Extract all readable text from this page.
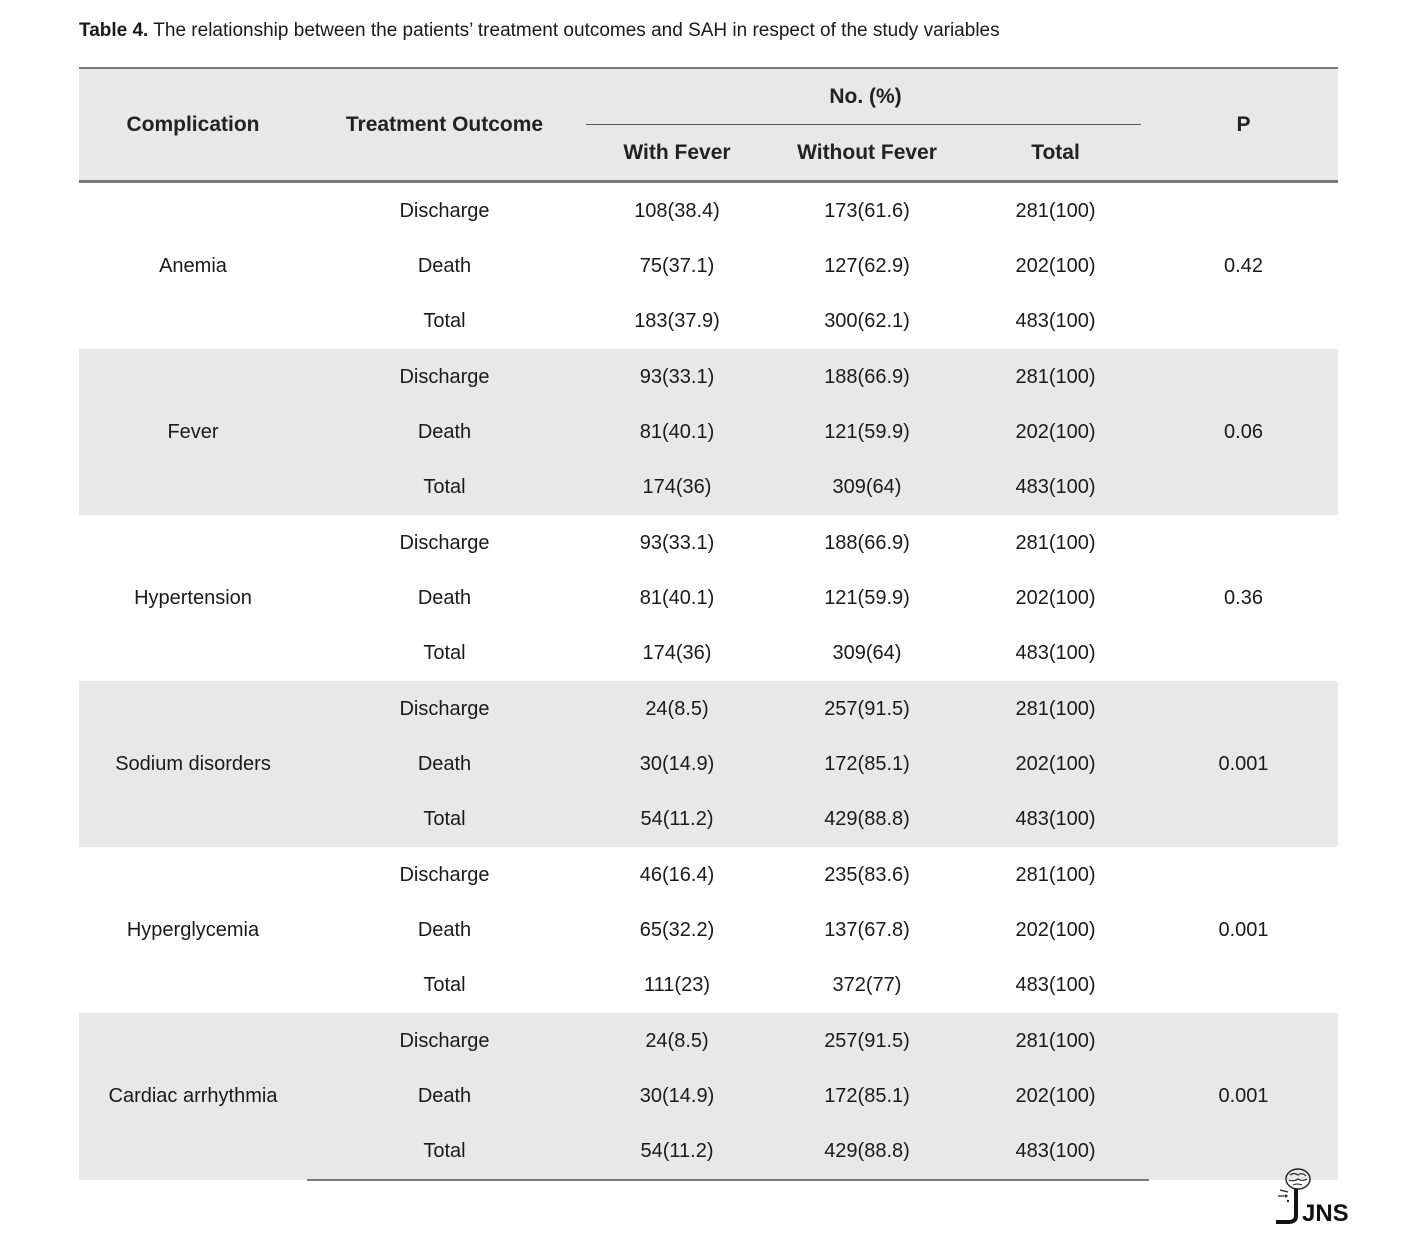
Table 4. The relationship between the patients’ treatment outcomes and SAH in respect of the study variables
Complication	Treatment Outcome	No. (%)			P
		With Fever	Without Fever	Total	
Anemia	Discharge	108(38.4)	173(61.6)	281(100)	0.42
	Death	75(37.1)	127(62.9)	202(100)	
	Total	183(37.9)	300(62.1)	483(100)	
Fever	Discharge	93(33.1)	188(66.9)	281(100)	0.06
	Death	81(40.1)	121(59.9)	202(100)	
	Total	174(36)	309(64)	483(100)	
Hypertension	Discharge	93(33.1)	188(66.9)	281(100)	0.36
	Death	81(40.1)	121(59.9)	202(100)	
	Total	174(36)	309(64)	483(100)	
Sodium disorders	Discharge	24(8.5)	257(91.5)	281(100)	0.001
	Death	30(14.9)	172(85.1)	202(100)	
	Total	54(11.2)	429(88.8)	483(100)	
Hyperglycemia	Discharge	46(16.4)	235(83.6)	281(100)	0.001
	Death	65(32.2)	137(67.8)	202(100)	
	Total	111(23)	372(77)	483(100)	
Cardiac arrhythmia	Discharge	24(8.5)	257(91.5)	281(100)	0.001
	Death	30(14.9)	172(85.1)	202(100)	
	Total	54(11.2)	429(88.8)	483(100)	
JNS
